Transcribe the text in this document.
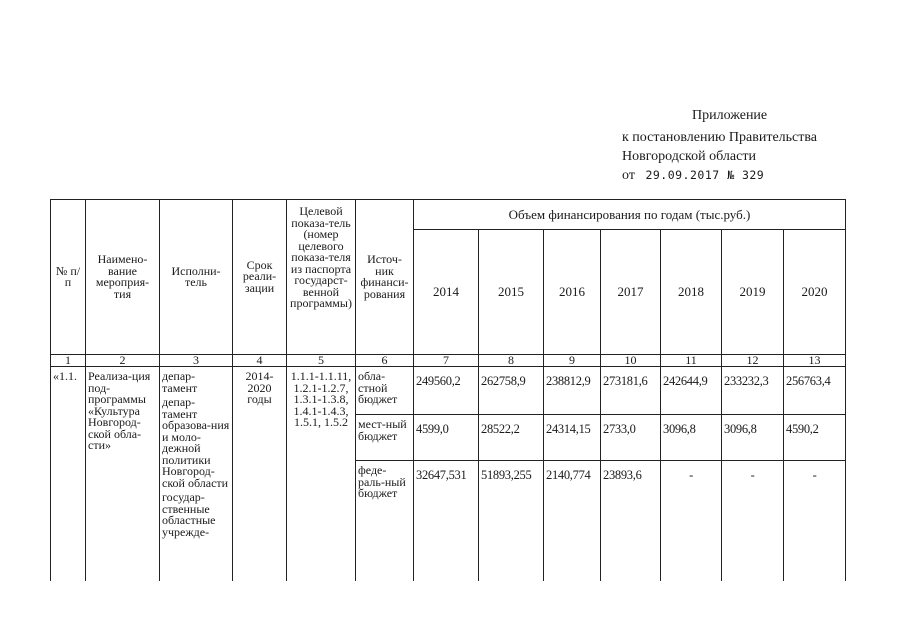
Приложение
к постановлению Правительства
Новгородской области
от 29.09.2017 № 329
№ п/п	Наимено-вание мероприя-тия	Исполни-тель	Срок реали-зации	Целевой показа-тель (номер целевого показа-теля из паспорта государст-венной программы)	Источ-ник финанси-рования	Объем финансирования по годам (тыс.руб.)						
						2014	2015	2016	2017	2018	2019	2020
1	2	3	4	5	6	7	8	9	10	11	12	13
«1.1.	Реализа-ция под-программы «Культура Новгород-ской обла-сти»	депар-тамент
депар-тамент образова-ния и моло-дежной политики Новгород-ской области
государ-ственные областные учрежде-	2014-2020 годы	1.1.1-1.1.11, 1.2.1-1.2.7, 1.3.1-1.3.8, 1.4.1-1.4.3, 1.5.1, 1.5.2	обла-стной бюджет	249560,2	262758,9	238812,9	273181,6	242644,9	233232,3	256763,4
					мест-ный бюджет	4599,0	28522,2	24314,15	2733,0	3096,8	3096,8	4590,2
					феде-раль-ный бюджет	32647,531	51893,255	2140,774	23893,6	-	-	-
